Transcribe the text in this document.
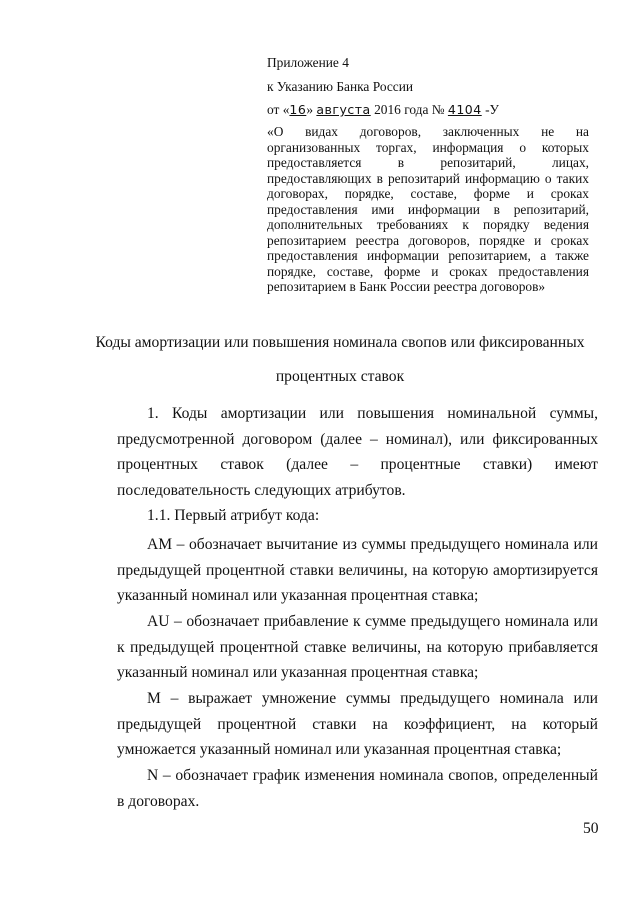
Приложение 4
к Указанию Банка России
от «16» августа 2016 года № 4104 -У
«О видах договоров, заключенных не на организованных торгах, информация о которых предоставляется в репозитарий, лицах, предоставляющих в репозитарий информацию о таких договорах, порядке, составе, форме и сроках предоставления ими информации в репозитарий, дополнительных требованиях к порядку ведения репозитарием реестра договоров, порядке и сроках предоставления информации репозитарием, а также порядке, составе, форме и сроках предоставления репозитарием в Банк России реестра договоров»
Коды амортизации или повышения номинала свопов или фиксированных процентных ставок
1. Коды амортизации или повышения номинальной суммы, предусмотренной договором (далее – номинал), или фиксированных процентных ставок (далее – процентные ставки) имеют последовательность следующих атрибутов.
1.1. Первый атрибут кода:
AM – обозначает вычитание из суммы предыдущего номинала или предыдущей процентной ставки величины, на которую амортизируется указанный номинал или указанная процентная ставка;
AU – обозначает прибавление к сумме предыдущего номинала или к предыдущей процентной ставке величины, на которую прибавляется указанный номинал или указанная процентная ставка;
M – выражает умножение суммы предыдущего номинала или предыдущей процентной ставки на коэффициент, на который умножается указанный номинал или указанная процентная ставка;
N – обозначает график изменения номинала свопов, определенный в договорах.
50
